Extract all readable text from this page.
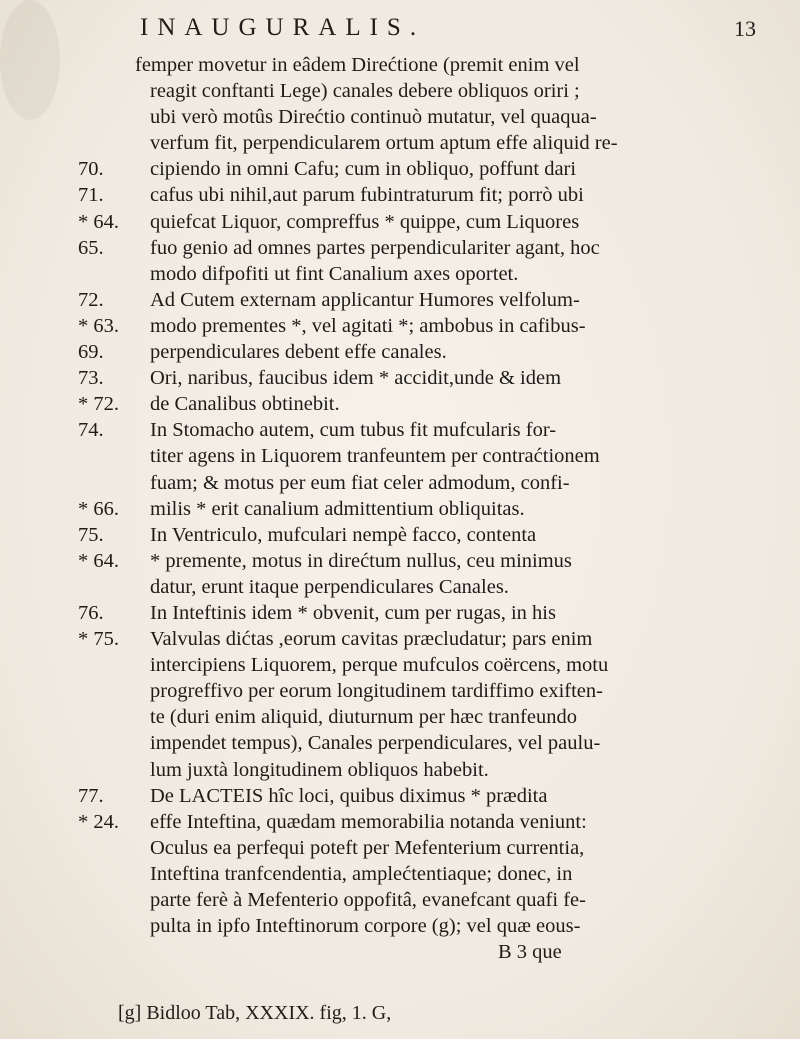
INAUGURALIS.	13
femper movetur in eâdem Direćtione (premit enim vel
reagit conftanti Lege) canales debere obliquos oriri ;
ubi verò motûs Direćtio continuò mutatur, vel quaqua-
verfum fit, perpendicularem ortum aptum effe aliquid re-
70.	cipiendo in omni Cafu; cum in obliquo, poffunt dari
71.	cafus ubi nihil,aut parum fubintraturum fit; porrò ubi
* 64.	quiefcat Liquor, compreffus * quippe, cum Liquores
65.	fuo genio ad omnes partes perpendiculariter agant, hoc
modo difpofiti ut fint Canalium axes oportet.
72.	Ad Cutem externam applicantur Humores velfolum-
* 63.	modo prementes *, vel agitati *; ambobus in cafibus-
69.	perpendiculares debent effe canales.
73.	Ori, naribus, faucibus idem * accidit,unde & idem
* 72.	de Canalibus obtinebit.
74.	In Stomacho autem, cum tubus fit mufcularis for-
titer agens in Liquorem tranfeuntem per contraćtionem
fuam; & motus per eum fiat celer admodum, confi-
* 66.	milis * erit canalium admittentium obliquitas.
75.	In Ventriculo, mufculari nempè facco, contenta
* 64.	* premente, motus in direćtum nullus, ceu minimus
datur, erunt itaque perpendiculares Canales.
76.	In Inteftinis idem * obvenit, cum per rugas, in his
* 75.	Valvulas dićtas ,eorum cavitas præcludatur; pars enim
intercipiens Liquorem, perque mufculos coërcens, motu
progreffivo per eorum longitudinem tardiffimo exiften-
te (duri enim aliquid, diuturnum per hæc tranfeundo
impendet tempus), Canales perpendiculares, vel paulu-
lum juxtà longitudinem obliquos habebit.
77.	De LACTEIS hîc loci, quibus diximus * prædita
* 24.	effe Inteftina, quædam memorabilia notanda veniunt:
Oculus ea perfequi poteft per Mefenterium currentia,
Inteftina tranfcendentia, amplećtentiaque; donec, in
parte ferè à Mefenterio oppofitâ, evanefcant quafi fe-
pulta in ipfo Inteftinorum corpore (g); vel quæ eous-
B 3 que
[g] Bidloo Tab, XXXIX. fig, 1. G,
